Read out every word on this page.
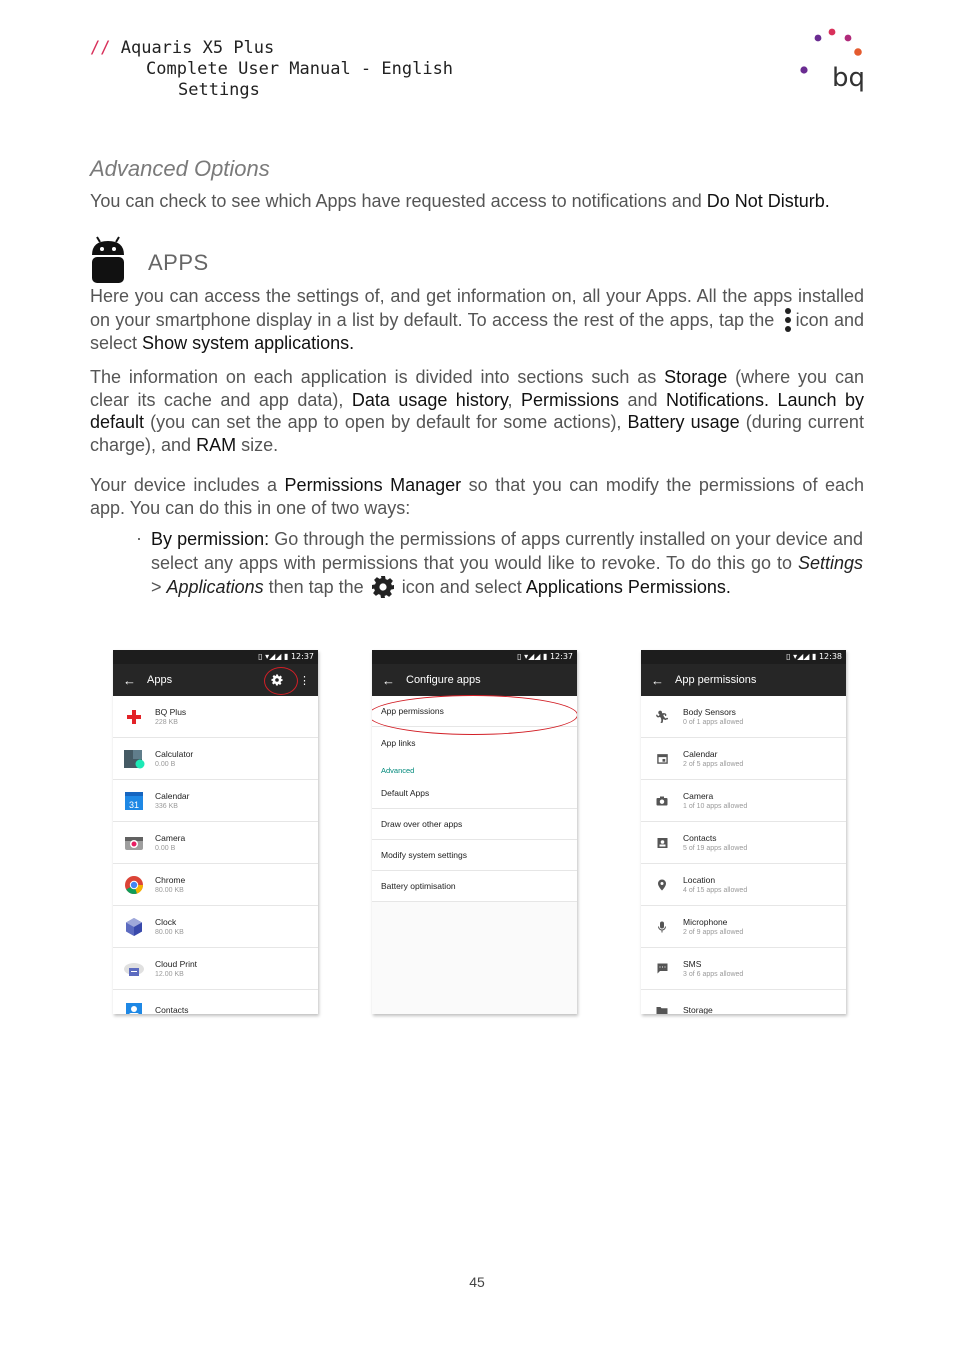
// Aquaris X5 Plus
Complete User Manual - English
Settings	bq
Advanced Options
You can check to see which Apps have requested access to notifications and Do Not Disturb.
APPS
Here you can access the settings of, and get information on, all your Apps. All the apps installed on your smartphone display in a list by default. To access the rest of the apps, tap the icon and select Show system applications.
The information on each application is divided into sections such as Storage (where you can clear its cache and app data), Data usage history, Permissions and Notifications. Launch by default (you can set the app to open by default for some actions), Battery usage (during current charge), and RAM size.
Your device includes a Permissions Manager so that you can modify the permissions of each app. You can do this in one of two ways:
· By permission: Go through the permissions of apps currently installed on your device and select any apps with permissions that you would like to revoke. To do this go to Settings > Applications then tap the icon and select Applications Permissions.
▯ ▾◢◢ ▮ 12:37
←	Apps	⋮
BQ Plus
228 KB
Calculator
0.00 B
31
Calendar
336 KB
Camera
0.00 B
Chrome
80.00 KB
Clock
80.00 KB
Cloud Print
12.00 KB
Contacts
▯ ▾◢◢ ▮ 12:37
←	Configure apps
App permissions
App links
Advanced
Default Apps
Draw over other apps
Modify system settings
Battery optimisation
▯ ▾◢◢ ▮ 12:38
←	App permissions
🏃︎	Body Sensors
0 of 1 apps allowed
Calendar
2 of 5 apps allowed
Camera
1 of 10 apps allowed
Contacts
5 of 19 apps allowed
Location
4 of 15 apps allowed
Microphone
2 of 9 apps allowed
SMS
3 of 6 apps allowed
Storage
45
